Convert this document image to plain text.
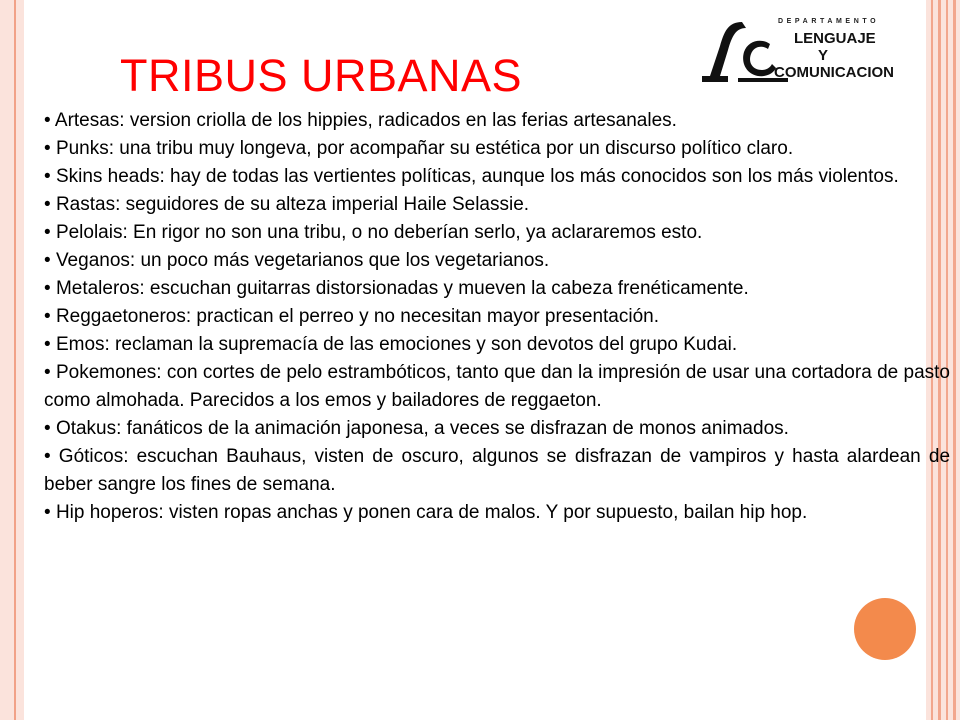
TRIBUS URBANAS
DEPARTAMENTO
LENGUAJE
Y
COMUNICACION

• Artesas: version criolla de los hippies, radicados en las ferias artesanales.

• Punks: una tribu muy longeva, por acompañar su estética por un discurso político claro.

• Skins heads: hay de todas las vertientes políticas, aunque los más conocidos son los más violentos.

• Rastas: seguidores de su alteza imperial Haile Selassie.

• Pelolais: En rigor no son una tribu, o no deberían serlo, ya aclararemos esto.

• Veganos: un poco más vegetarianos que los vegetarianos.

• Metaleros: escuchan guitarras distorsionadas y mueven la cabeza frenéticamente.

• Reggaetoneros: practican el perreo y no necesitan mayor presentación.

• Emos: reclaman la supremacía de las emociones y son devotos del grupo Kudai.

• Pokemones: con cortes de pelo estrambóticos, tanto que dan la impresión de usar una cortadora de pasto como almohada. Parecidos a los emos y bailadores de reggaeton.

• Otakus: fanáticos de la animación japonesa, a veces se disfrazan de monos animados.

• Góticos: escuchan Bauhaus, visten de oscuro, algunos se disfrazan de vampiros y hasta alardean de beber sangre los fines de semana.

• Hip hoperos: visten ropas anchas y ponen cara de malos. Y por supuesto, bailan hip hop.
